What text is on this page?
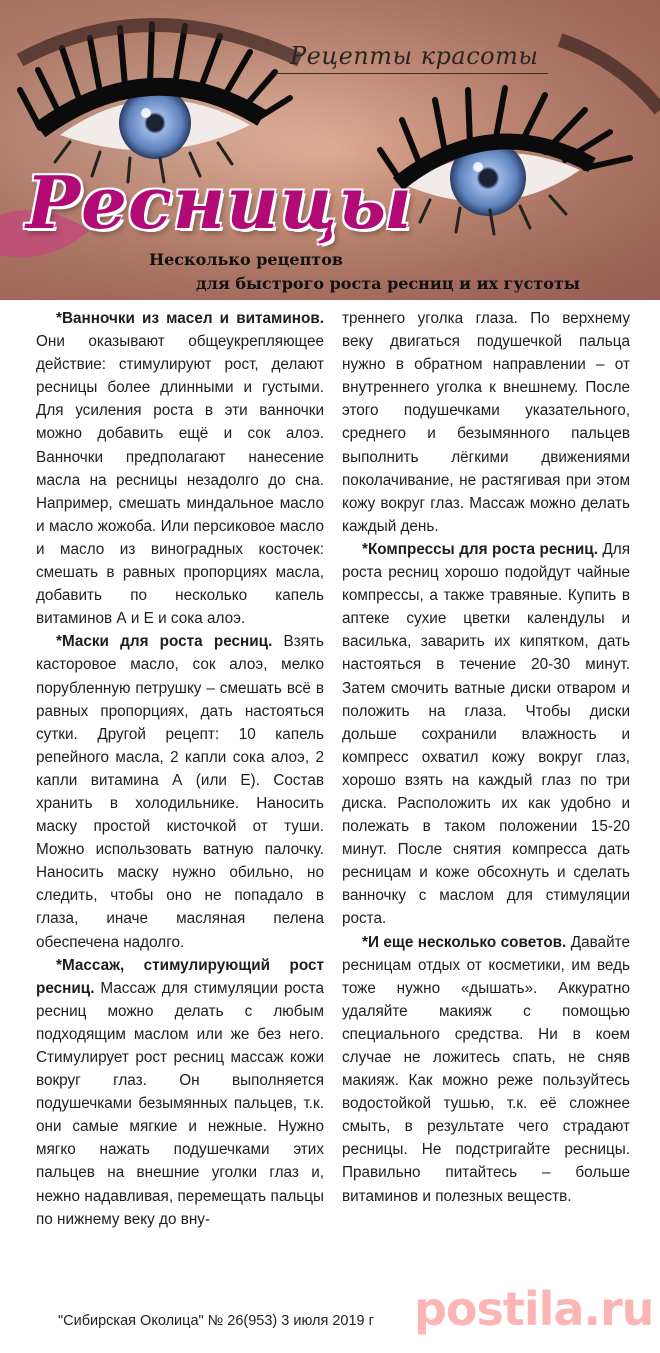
Рецепты красоты
Ресницы
Несколько рецептов
для быстрого роста ресниц и их густоты

*Ванночки из масел и витаминов. Они оказывают общеукрепляющее действие: стимулируют рост, делают ресницы более длинными и густыми. Для усиления роста в эти ванночки можно добавить ещё и сок алоэ. Ванночки предполагают нанесение масла на ресницы незадолго до сна. Например, смешать миндальное масло и масло жожоба. Или персиковое масло и масло из виноградных косточек: смешать в равных пропорциях масла, добавить по несколько капель витаминов А и Е и сока алоэ.

*Маски для роста ресниц. Взять касторовое масло, сок алоэ, мелко порубленную петрушку – смешать всё в равных пропорциях, дать настояться сутки. Другой рецепт: 10 капель репейного масла, 2 капли сока алоэ, 2 капли витамина А (или Е). Состав хранить в холодильнике. Наносить маску простой кисточкой от туши. Можно использовать ватную палочку. Наносить маску нужно обильно, но следить, чтобы оно не попадало в глаза, иначе масляная пелена обеспечена надолго.

*Массаж, стимулирующий рост ресниц. Массаж для стимуляции роста ресниц можно делать с любым подходящим маслом или же без него. Стимулирует рост ресниц массаж кожи вокруг глаз. Он выполняется подушечками безымянных пальцев, т.к. они самые мягкие и нежные. Нужно мягко нажать подушечками этих пальцев на внешние уголки глаз и, нежно надавливая, перемещать пальцы по нижнему веку до вну-

треннего уголка глаза. По верхнему веку двигаться подушечкой пальца нужно в обратном направлении – от внутреннего уголка к внешнему. После этого подушечками указательного, среднего и безымянного пальцев выполнить лёгкими движениями поколачивание, не растягивая при этом кожу вокруг глаз. Массаж можно делать каждый день.

*Компрессы для роста ресниц. Для роста ресниц хорошо подойдут чайные компрессы, а также травяные. Купить в аптеке сухие цветки календулы и василька, заварить их кипятком, дать настояться в течение 20-30 минут. Затем смочить ватные диски отваром и положить на глаза. Чтобы диски дольше сохранили влажность и компресс охватил кожу вокруг глаз, хорошо взять на каждый глаз по три диска. Расположить их как удобно и полежать в таком положении 15-20 минут. После снятия компресса дать ресницам и коже обсохнуть и сделать ванночку с маслом для стимуляции роста.

*И еще несколько советов. Давайте ресницам отдых от косметики, им ведь тоже нужно «дышать». Аккуратно удаляйте макияж с помощью специального средства. Ни в коем случае не ложитесь спать, не сняв макияж. Как можно реже пользуйтесь водостойкой тушью, т.к. её сложнее смыть, в результате чего страдают ресницы. Не подстригайте ресницы. Правильно питайтесь – больше витаминов и полезных веществ.

postila.ru
"Сибирская Околица" № 26(953) 3 июля 2019 г
